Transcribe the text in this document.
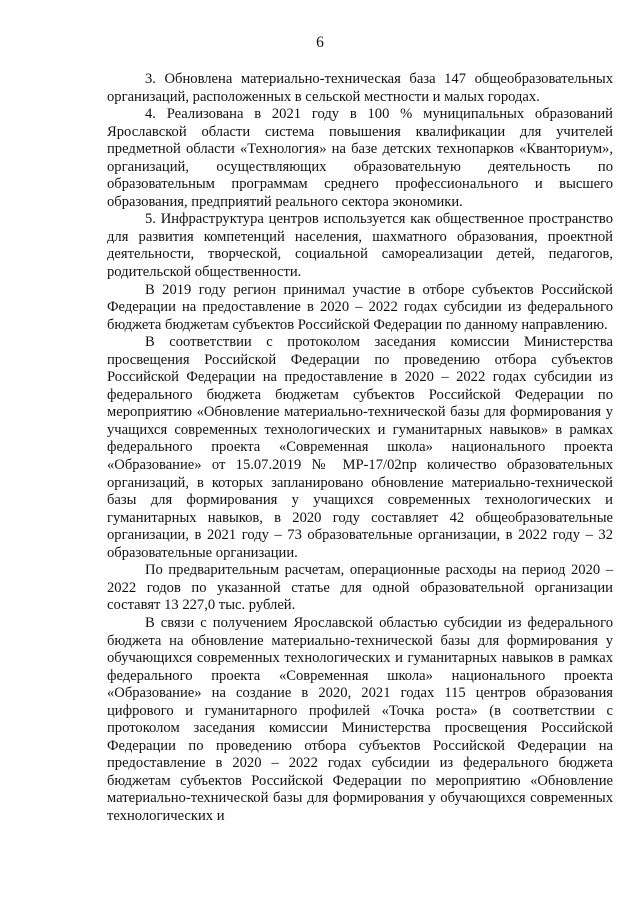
6

3. Обновлена материально-техническая база 147 общеобразовательных организаций, расположенных в сельской местности и малых городах.

4. Реализована в 2021 году в 100 % муниципальных образований Ярославской области система повышения квалификации для учителей предметной области «Технология» на базе детских технопарков «Кванториум», организаций, осуществляющих образовательную деятельность по образовательным программам среднего профессионального и высшего образования, предприятий реального сектора экономики.

5. Инфраструктура центров используется как общественное пространство для развития компетенций населения, шахматного образования, проектной деятельности, творческой, социальной самореализации детей, педагогов, родительской общественности.

В 2019 году регион принимал участие в отборе субъектов Российской Федерации на предоставление в 2020 – 2022 годах субсидии из федерального бюджета бюджетам субъектов Российской Федерации по данному направлению.

В соответствии с протоколом заседания комиссии Министерства просвещения Российской Федерации по проведению отбора субъектов Российской Федерации на предоставление в 2020 – 2022 годах субсидии из федерального бюджета бюджетам субъектов Российской Федерации по мероприятию «Обновление материально-технической базы для формирования у учащихся современных технологических и гуманитарных навыков» в рамках федерального проекта «Современная школа» национального проекта «Образование» от 15.07.2019 № МР-17/02пр количество образовательных организаций, в которых запланировано обновление материально-технической базы для формирования у учащихся современных технологических и гуманитарных навыков, в 2020 году составляет 42 общеобразовательные организации, в 2021 году – 73 образовательные организации, в 2022 году – 32 образовательные организации.

По предварительным расчетам, операционные расходы на период 2020 – 2022 годов по указанной статье для одной образовательной организации составят 13 227,0 тыс. рублей.

В связи с получением Ярославской областью субсидии из федерального бюджета на обновление материально-технической базы для формирования у обучающихся современных технологических и гуманитарных навыков в рамках федерального проекта «Современная школа» национального проекта «Образование» на создание в 2020, 2021 годах 115 центров образования цифрового и гуманитарного профилей «Точка роста» (в соответствии с протоколом заседания комиссии Министерства просвещения Российской Федерации по проведению отбора субъектов Российской Федерации на предоставление в 2020 – 2022 годах субсидии из федерального бюджета бюджетам субъектов Российской Федерации по мероприятию «Обновление материально-технической базы для формирования у обучающихся современных технологических и
